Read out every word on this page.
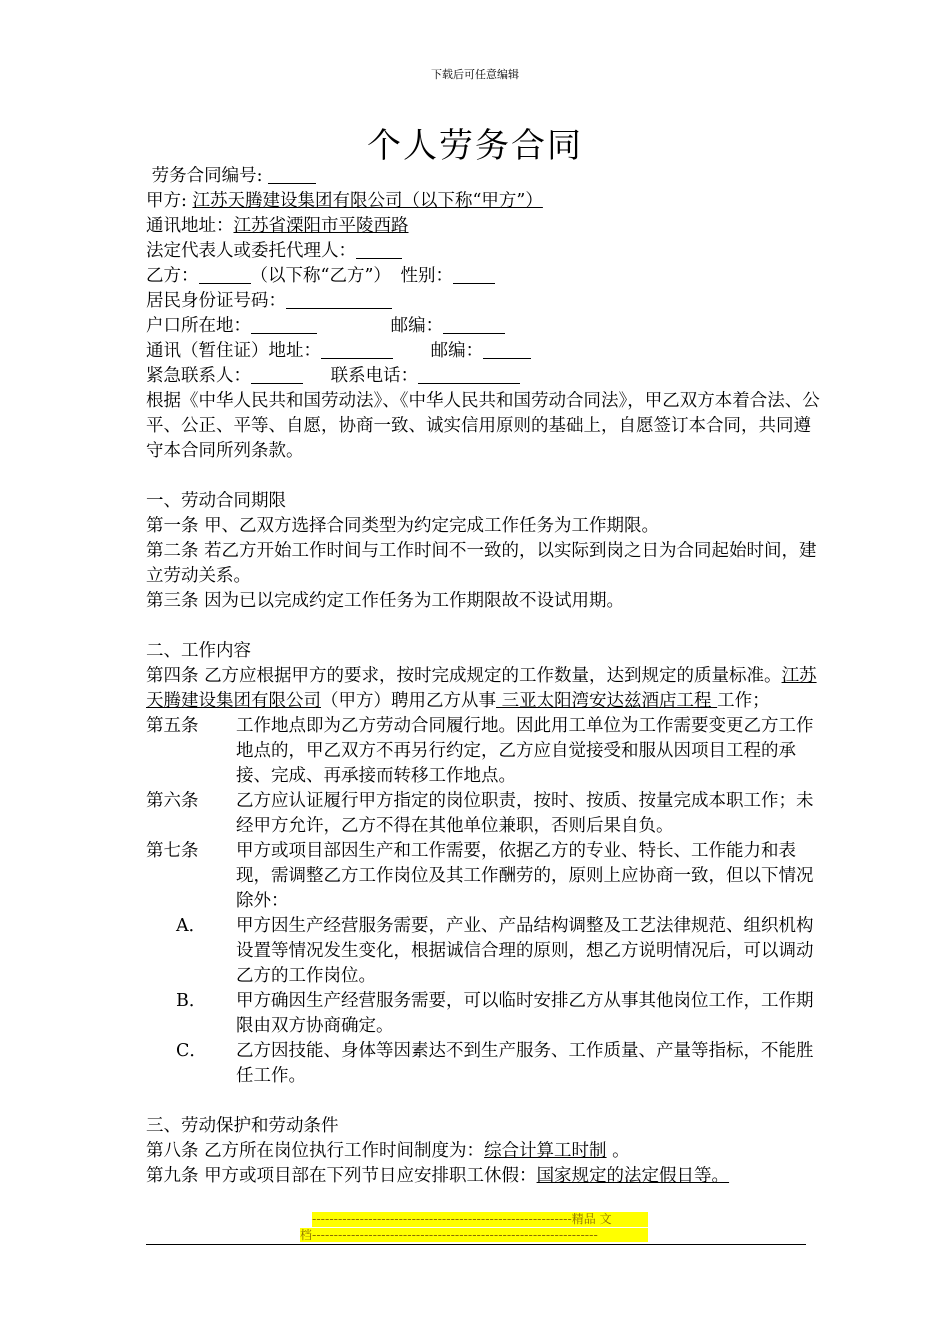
下载后可任意编辑
个人劳务合同
劳务合同编号:
甲方: 江苏天腾建设集团有限公司（以下称“甲方”）
通讯地址：江苏省溧阳市平陵西路
法定代表人或委托代理人：
乙方：	（以下称“乙方”） 性别：
居民身份证号码：
户口所在地：	邮编：
通讯（暂住证）地址：	邮编：
紧急联系人：	联系电话：
根据《中华人民共和国劳动法》、《中华人民共和国劳动合同法》，甲乙双方本着合法、公平、公正、平等、自愿，协商一致、诚实信用原则的基础上，自愿签订本合同，共同遵守本合同所列条款。
一、劳动合同期限
第一条 甲、乙双方选择合同类型为约定完成工作任务为工作期限。
第二条 若乙方开始工作时间与工作时间不一致的，以实际到岗之日为合同起始时间，建立劳动关系。
第三条 因为已以完成约定工作任务为工作期限故不设试用期。
二、工作内容
第四条 乙方应根据甲方的要求，按时完成规定的工作数量，达到规定的质量标准。江苏天腾建设集团有限公司（甲方）聘用乙方从事 三亚太阳湾安达兹酒店工程 工作；
第五条	工作地点即为乙方劳动合同履行地。因此用工单位为工作需要变更乙方工作地点的，甲乙双方不再另行约定，乙方应自觉接受和服从因项目工程的承接、完成、再承接而转移工作地点。
第六条	乙方应认证履行甲方指定的岗位职责，按时、按质、按量完成本职工作；未经甲方允许，乙方不得在其他单位兼职，否则后果自负。
第七条	甲方或项目部因生产和工作需要，依据乙方的专业、特长、工作能力和表现，需调整乙方工作岗位及其工作酬劳的，原则上应协商一致，但以下情况除外：
A．	甲方因生产经营服务需要，产业、产品结构调整及工艺法律规范、组织机构设置等情况发生变化，根据诚信合理的原则，想乙方说明情况后，可以调动乙方的工作岗位。
B．	甲方确因生产经营服务需要，可以临时安排乙方从事其他岗位工作，工作期限由双方协商确定。
C．	乙方因技能、身体等因素达不到生产服务、工作质量、产量等指标，不能胜任工作。
三、劳动保护和劳动条件
第八条 乙方所在岗位执行工作时间制度为：综合计算工时制 。
第九条 甲方或项目部在下列节日应安排职工休假：国家规定的法定假日等。
------------------------------------------------------------精品 文
档------------------------------------------------------------------
